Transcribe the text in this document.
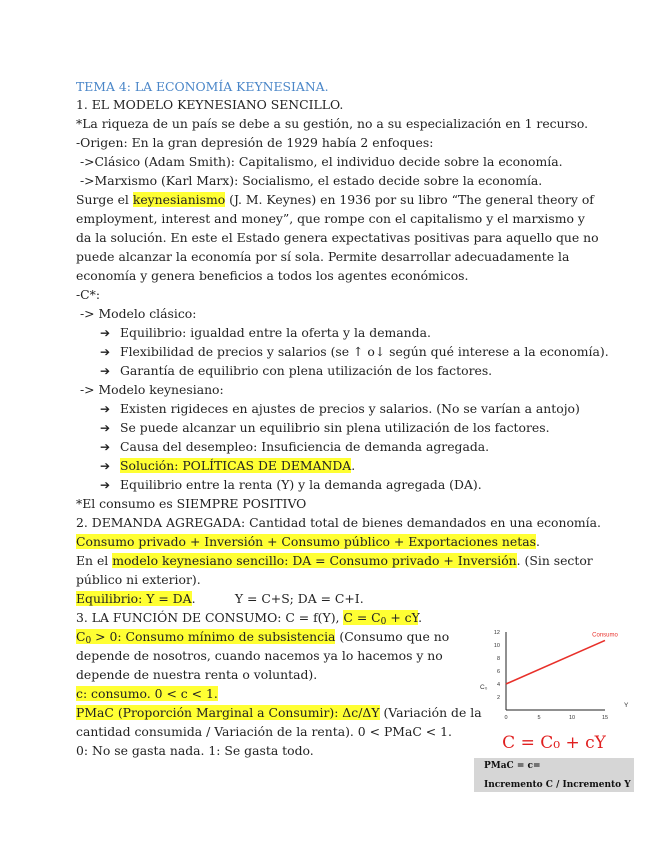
TEMA 4: LA ECONOMÍA KEYNESIANA.
1. EL MODELO KEYNESIANO SENCILLO.
*La riqueza de un país se debe a su gestión, no a su especialización en 1 recurso.
-Origen: En la gran depresión de 1929 había 2 enfoques:
->Clásico (Adam Smith): Capitalismo, el individuo decide sobre la economía.
->Marxismo (Karl Marx): Socialismo, el estado decide sobre la economía.
Surge el keynesianismo (J. M. Keynes) en 1936 por su libro “The general theory of
employment, interest and money”, que rompe con el capitalismo y el marxismo y
da la solución. En este el Estado genera expectativas positivas para aquello que no
puede alcanzar la economía por sí sola. Permite desarrollar adecuadamente la
economía y genera beneficios a todos los agentes económicos.
-C*:
-> Modelo clásico:
➔ Equilibrio: igualdad entre la oferta y la demanda.
➔ Flexibilidad de precios y salarios (se ↑ o↓ según qué interese a la economía).
➔ Garantía de equilibrio con plena utilización de los factores.
-> Modelo keynesiano:
➔ Existen rigideces en ajustes de precios y salarios. (No se varían a antojo)
➔ Se puede alcanzar un equilibrio sin plena utilización de los factores.
➔ Causa del desempleo: Insuficiencia de demanda agregada.
➔ Solución: POLÍTICAS DE DEMANDA.
➔ Equilibrio entre la renta (Y) y la demanda agregada (DA).
*El consumo es SIEMPRE POSITIVO
2. DEMANDA AGREGADA: Cantidad total de bienes demandados en una economía.
Consumo privado + Inversión + Consumo público + Exportaciones netas.
En el modelo keynesiano sencillo: DA = Consumo privado + Inversión. (Sin sector
público ni exterior).
Equilibrio: Y = DA.          Y = C+S; DA = C+I.
3. LA FUNCIÓN DE CONSUMO: C = f(Y), $C = C_0$ + cY.
$C_0 > 0$: Consumo mínimo de subsistencia (Consumo que no
depende de nosotros, cuando nacemos ya lo hacemos y no
depende de nuestra renta o voluntad).
c: consumo. 0 < c < 1.
PMaC (Proporción Marginal a Consumir): Δc/ΔY (Variación de la
cantidad consumida / Variación de la renta). 0 < PMaC < 1.
0: No se gasta nada. 1: Se gasta todo.
2
4
6
8
10
12
0	5	10	15
Consumo
C₀
Y
C = C₀ + cY
PMaC = c=
Incremento C / Incremento Y
